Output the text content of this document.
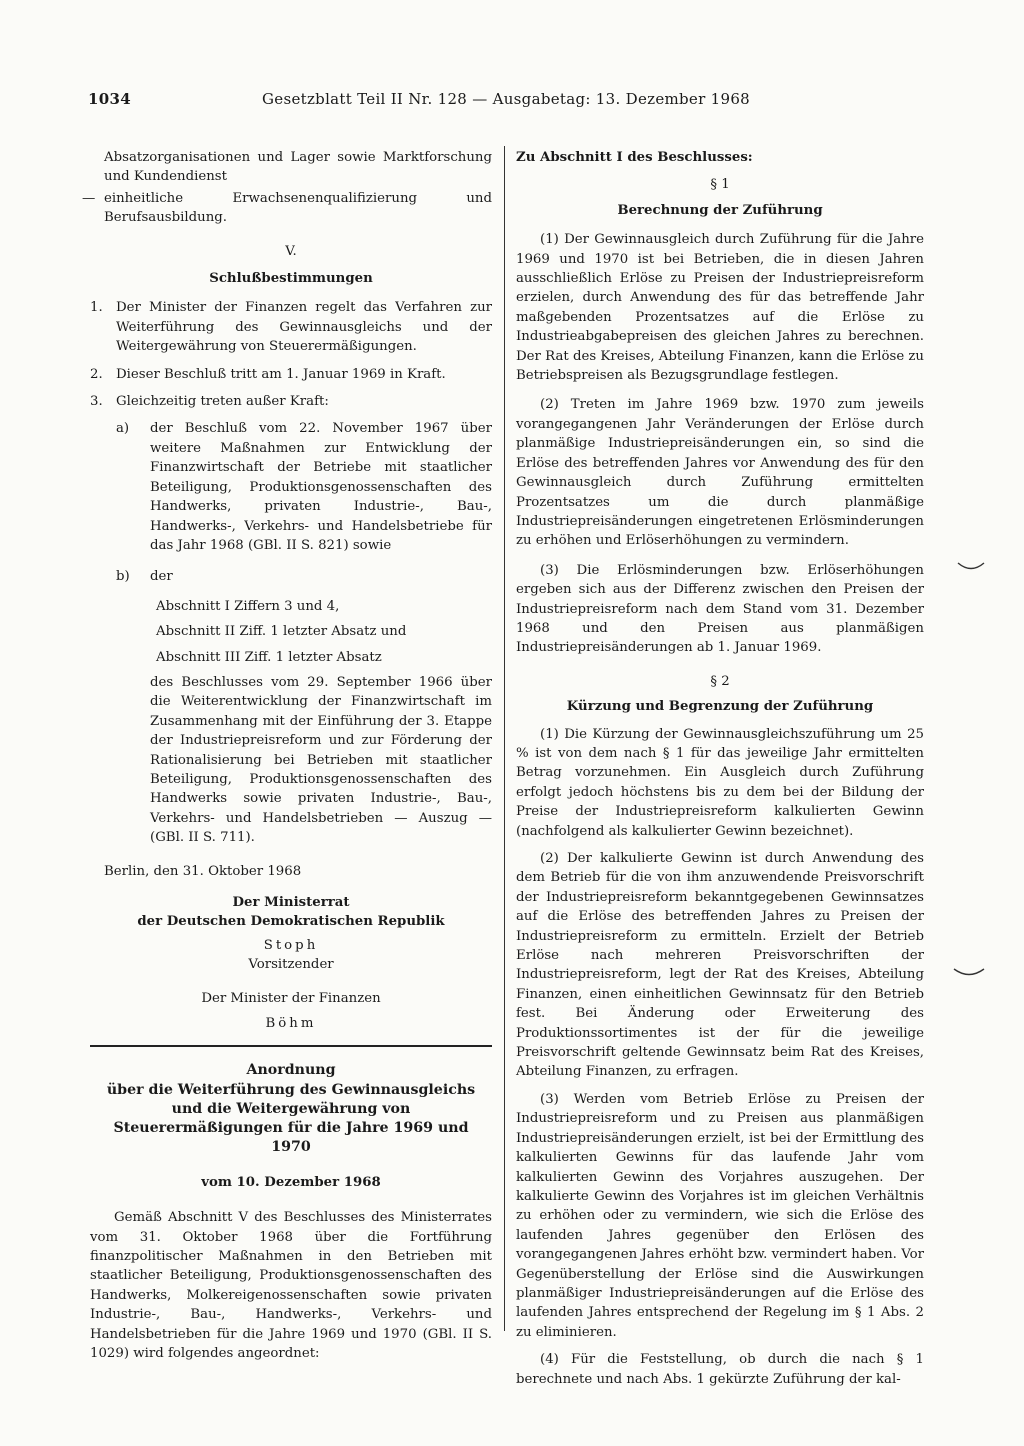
1034	Gesetzblatt Teil II Nr. 128 — Ausgabetag: 13. Dezember 1968

Absatzorganisationen und Lager sowie Marktforschung und Kundendienst

— einheitliche Erwachsenenqualifizierung und Berufsausbildung.

V.

Schlußbestimmungen

1.	Der Minister der Finanzen regelt das Verfahren zur Weiterführung des Gewinnausgleichs und der Weitergewährung von Steuerermäßigungen.

2.	Dieser Beschluß tritt am 1. Januar 1969 in Kraft.

3.	Gleichzeitig treten außer Kraft:

a)	der Beschluß vom 22. November 1967 über weitere Maßnahmen zur Entwicklung der Finanzwirtschaft der Betriebe mit staatlicher Beteiligung, Produktionsgenossenschaften des Handwerks, privaten Industrie-, Bau-, Handwerks-, Verkehrs- und Handelsbetriebe für das Jahr 1968 (GBl. II S. 821) sowie

b)	der

Abschnitt I Ziffern 3 und 4,
Abschnitt II Ziff. 1 letzter Absatz und
Abschnitt III Ziff. 1 letzter Absatz

des Beschlusses vom 29. September 1966 über die Weiterentwicklung der Finanzwirtschaft im Zusammenhang mit der Einführung der 3. Etappe der Industriepreisreform und zur Förderung der Rationalisierung bei Betrieben mit staatlicher Beteiligung, Produktionsgenossenschaften des Handwerks sowie privaten Industrie-, Bau-, Verkehrs- und Handelsbetrieben — Auszug — (GBl. II S. 711).

Berlin, den 31. Oktober 1968

Der Ministerrat

der Deutschen Demokratischen Republik

Stoph

Vorsitzender

Der Minister der Finanzen

Böhm

Anordnung

über die Weiterführung des Gewinnausgleichs und die Weitergewährung von Steuerermäßigungen für die Jahre 1969 und 1970

vom 10. Dezember 1968

Gemäß Abschnitt V des Beschlusses des Ministerrates vom 31. Oktober 1968 über die Fortführung finanzpolitischer Maßnahmen in den Betrieben mit staatlicher Beteiligung, Produktionsgenossenschaften des Handwerks, Molkereigenossenschaften sowie privaten Industrie-, Bau-, Handwerks-, Verkehrs- und Handelsbetrieben für die Jahre 1969 und 1970 (GBl. II S. 1029) wird folgendes angeordnet:

Zu Abschnitt I des Beschlusses:

§ 1

Berechnung der Zuführung

(1) Der Gewinnausgleich durch Zuführung für die Jahre 1969 und 1970 ist bei Betrieben, die in diesen Jahren ausschließlich Erlöse zu Preisen der Industriepreisreform erzielen, durch Anwendung des für das betreffende Jahr maßgebenden Prozentsatzes auf die Erlöse zu Industrieabgabepreisen des gleichen Jahres zu berechnen. Der Rat des Kreises, Abteilung Finanzen, kann die Erlöse zu Betriebspreisen als Bezugsgrundlage festlegen.

(2) Treten im Jahre 1969 bzw. 1970 zum jeweils vorangegangenen Jahr Veränderungen der Erlöse durch planmäßige Industriepreisänderungen ein, so sind die Erlöse des betreffenden Jahres vor Anwendung des für den Gewinnausgleich durch Zuführung ermittelten Prozentsatzes um die durch planmäßige Industriepreisänderungen eingetretenen Erlösminderungen zu erhöhen und Erlöserhöhungen zu vermindern.

(3) Die Erlösminderungen bzw. Erlöserhöhungen ergeben sich aus der Differenz zwischen den Preisen der Industriepreisreform nach dem Stand vom 31. Dezember 1968 und den Preisen aus planmäßigen Industriepreisänderungen ab 1. Januar 1969.

§ 2

Kürzung und Begrenzung der Zuführung

(1) Die Kürzung der Gewinnausgleichszuführung um 25 % ist von dem nach § 1 für das jeweilige Jahr ermittelten Betrag vorzunehmen. Ein Ausgleich durch Zuführung erfolgt jedoch höchstens bis zu dem bei der Bildung der Preise der Industriepreisreform kalkulierten Gewinn (nachfolgend als kalkulierter Gewinn bezeichnet).

(2) Der kalkulierte Gewinn ist durch Anwendung des dem Betrieb für die von ihm anzuwendende Preisvorschrift der Industriepreisreform bekanntgegebenen Gewinnsatzes auf die Erlöse des betreffenden Jahres zu Preisen der Industriepreisreform zu ermitteln. Erzielt der Betrieb Erlöse nach mehreren Preisvorschriften der Industriepreisreform, legt der Rat des Kreises, Abteilung Finanzen, einen einheitlichen Gewinnsatz für den Betrieb fest. Bei Änderung oder Erweiterung des Produktionssortimentes ist der für die jeweilige Preisvorschrift geltende Gewinnsatz beim Rat des Kreises, Abteilung Finanzen, zu erfragen.

(3) Werden vom Betrieb Erlöse zu Preisen der Industriepreisreform und zu Preisen aus planmäßigen Industriepreisänderungen erzielt, ist bei der Ermittlung des kalkulierten Gewinns für das laufende Jahr vom kalkulierten Gewinn des Vorjahres auszugehen. Der kalkulierte Gewinn des Vorjahres ist im gleichen Verhältnis zu erhöhen oder zu vermindern, wie sich die Erlöse des laufenden Jahres gegenüber den Erlösen des vorangegangenen Jahres erhöht bzw. vermindert haben. Vor Gegenüberstellung der Erlöse sind die Auswirkungen planmäßiger Industriepreisänderungen auf die Erlöse des laufenden Jahres entsprechend der Regelung im § 1 Abs. 2 zu eliminieren.

(4) Für die Feststellung, ob durch die nach § 1 berechnete und nach Abs. 1 gekürzte Zuführung der kal-
